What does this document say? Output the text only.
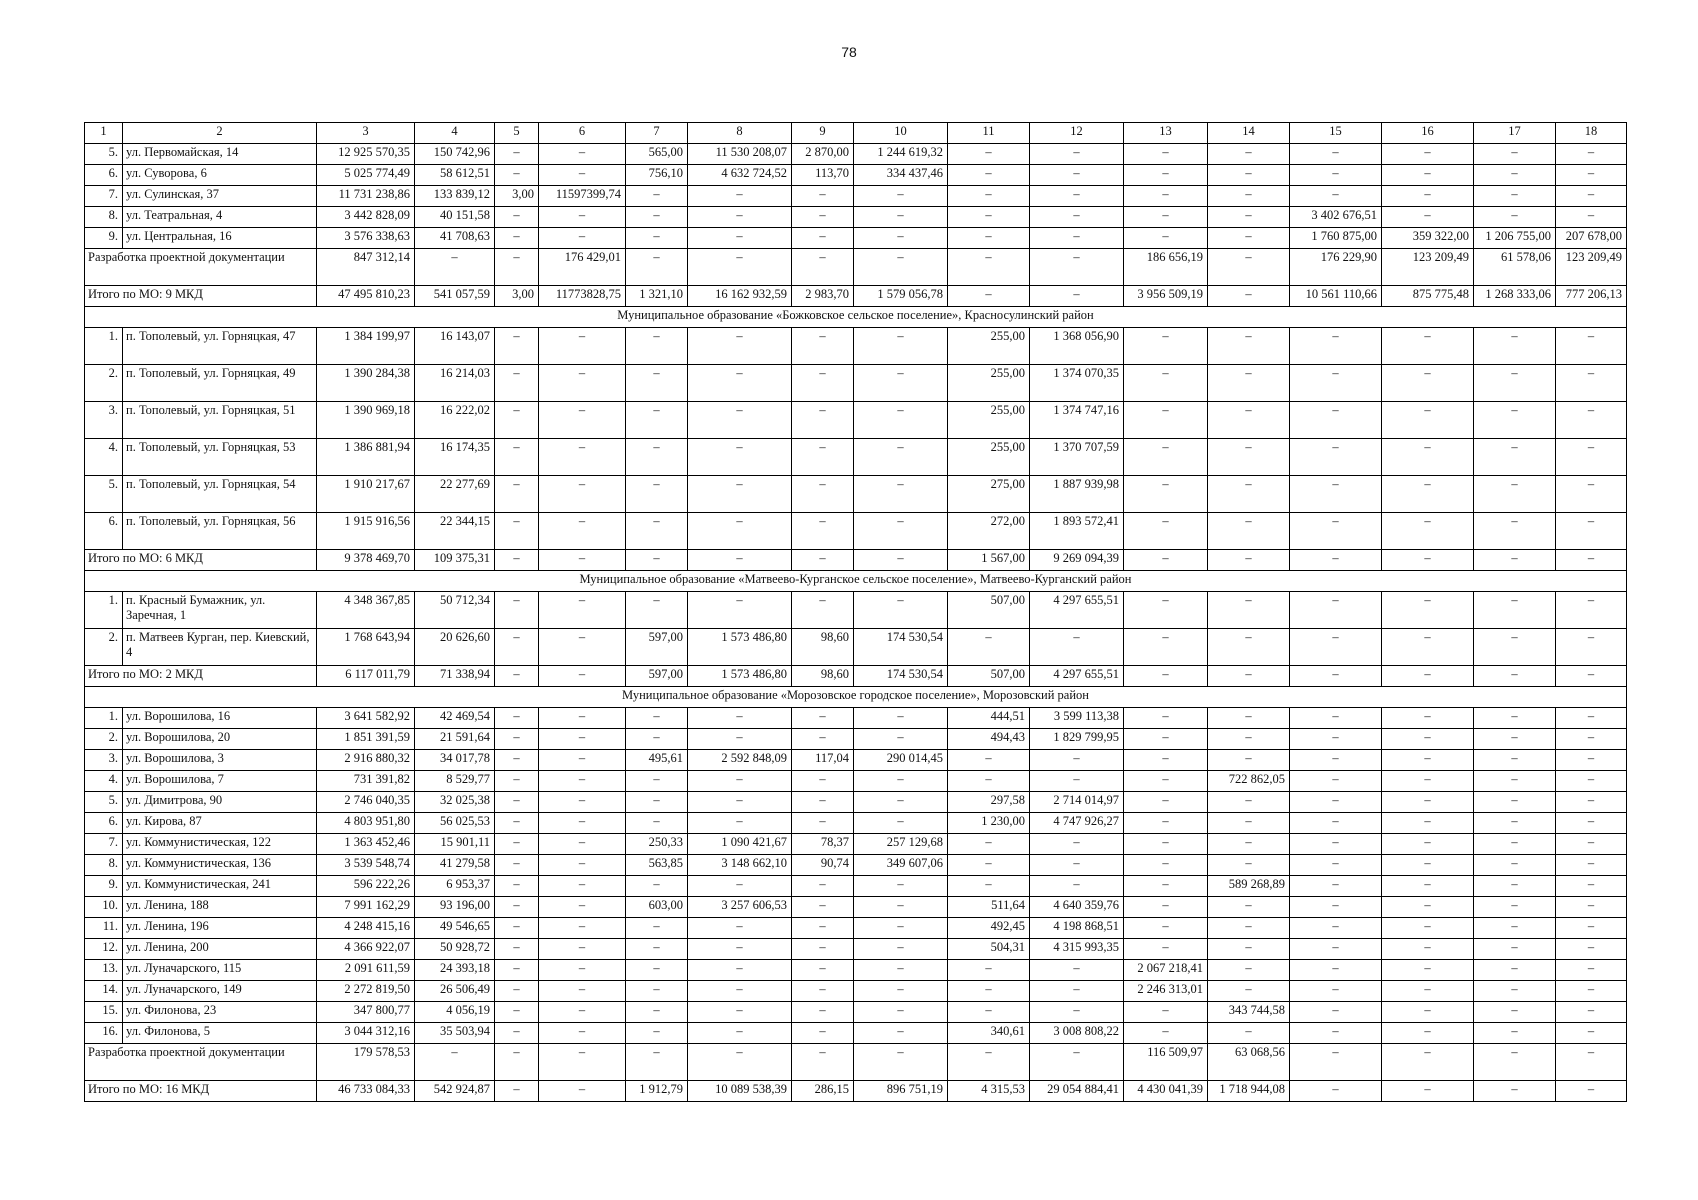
78
1	2	3	4	5	6	7	8	9	10	11	12	13	14	15	16	17	18
5.	ул. Первомайская, 14	12 925 570,35	150 742,96	–	–	565,00	11 530 208,07	2 870,00	1 244 619,32	–	–	–	–	–	–	–	–
6.	ул. Суворова, 6	5 025 774,49	58 612,51	–	–	756,10	4 632 724,52	113,70	334 437,46	–	–	–	–	–	–	–	–
7.	ул. Сулинская, 37	11 731 238,86	133 839,12	3,00	11597399,74	–	–	–	–	–	–	–	–	–	–	–	–
8.	ул. Театральная, 4	3 442 828,09	40 151,58	–	–	–	–	–	–	–	–	–	–	3 402 676,51	–	–	–
9.	ул. Центральная, 16	3 576 338,63	41 708,63	–	–	–	–	–	–	–	–	–	–	1 760 875,00	359 322,00	1 206 755,00	207 678,00
Разработка проектной документации		847 312,14	–	–	176 429,01	–	–	–	–	–	–	186 656,19	–	176 229,90	123 209,49	61 578,06	123 209,49
Итого по МО: 9 МКД		47 495 810,23	541 057,59	3,00	11773828,75	1 321,10	16 162 932,59	2 983,70	1 579 056,78	–	–	3 956 509,19	–	10 561 110,66	875 775,48	1 268 333,06	777 206,13
Муниципальное образование «Божковское сельское поселение», Красносулинский район																	
1.	п. Тополевый, ул. Горняцкая, 47	1 384 199,97	16 143,07	–	–	–	–	–	–	255,00	1 368 056,90	–	–	–	–	–	–
2.	п. Тополевый, ул. Горняцкая, 49	1 390 284,38	16 214,03	–	–	–	–	–	–	255,00	1 374 070,35	–	–	–	–	–	–
3.	п. Тополевый, ул. Горняцкая, 51	1 390 969,18	16 222,02	–	–	–	–	–	–	255,00	1 374 747,16	–	–	–	–	–	–
4.	п. Тополевый, ул. Горняцкая, 53	1 386 881,94	16 174,35	–	–	–	–	–	–	255,00	1 370 707,59	–	–	–	–	–	–
5.	п. Тополевый, ул. Горняцкая, 54	1 910 217,67	22 277,69	–	–	–	–	–	–	275,00	1 887 939,98	–	–	–	–	–	–
6.	п. Тополевый, ул. Горняцкая, 56	1 915 916,56	22 344,15	–	–	–	–	–	–	272,00	1 893 572,41	–	–	–	–	–	–
Итого по МО: 6 МКД		9 378 469,70	109 375,31	–	–	–	–	–	–	1 567,00	9 269 094,39	–	–	–	–	–	–
Муниципальное образование «Матвеево-Курганское сельское поселение», Матвеево-Курганский район																	
1.	п. Красный Бумажник, ул. Заречная, 1	4 348 367,85	50 712,34	–	–	–	–	–	–	507,00	4 297 655,51	–	–	–	–	–	–
2.	п. Матвеев Курган, пер. Киевский, 4	1 768 643,94	20 626,60	–	–	597,00	1 573 486,80	98,60	174 530,54	–	–	–	–	–	–	–	–
Итого по МО: 2 МКД		6 117 011,79	71 338,94	–	–	597,00	1 573 486,80	98,60	174 530,54	507,00	4 297 655,51	–	–	–	–	–	–
Муниципальное образование «Морозовское городское поселение», Морозовский район																	
1.	ул. Ворошилова, 16	3 641 582,92	42 469,54	–	–	–	–	–	–	444,51	3 599 113,38	–	–	–	–	–	–
2.	ул. Ворошилова, 20	1 851 391,59	21 591,64	–	–	–	–	–	–	494,43	1 829 799,95	–	–	–	–	–	–
3.	ул. Ворошилова, 3	2 916 880,32	34 017,78	–	–	495,61	2 592 848,09	117,04	290 014,45	–	–	–	–	–	–	–	–
4.	ул. Ворошилова, 7	731 391,82	8 529,77	–	–	–	–	–	–	–	–	–	722 862,05	–	–	–	–
5.	ул. Димитрова, 90	2 746 040,35	32 025,38	–	–	–	–	–	–	297,58	2 714 014,97	–	–	–	–	–	–
6.	ул. Кирова, 87	4 803 951,80	56 025,53	–	–	–	–	–	–	1 230,00	4 747 926,27	–	–	–	–	–	–
7.	ул. Коммунистическая, 122	1 363 452,46	15 901,11	–	–	250,33	1 090 421,67	78,37	257 129,68	–	–	–	–	–	–	–	–
8.	ул. Коммунистическая, 136	3 539 548,74	41 279,58	–	–	563,85	3 148 662,10	90,74	349 607,06	–	–	–	–	–	–	–	–
9.	ул. Коммунистическая, 241	596 222,26	6 953,37	–	–	–	–	–	–	–	–	–	589 268,89	–	–	–	–
10.	ул. Ленина, 188	7 991 162,29	93 196,00	–	–	603,00	3 257 606,53	–	–	511,64	4 640 359,76	–	–	–	–	–	–
11.	ул. Ленина, 196	4 248 415,16	49 546,65	–	–	–	–	–	–	492,45	4 198 868,51	–	–	–	–	–	–
12.	ул. Ленина, 200	4 366 922,07	50 928,72	–	–	–	–	–	–	504,31	4 315 993,35	–	–	–	–	–	–
13.	ул. Луначарского, 115	2 091 611,59	24 393,18	–	–	–	–	–	–	–	–	2 067 218,41	–	–	–	–	–
14.	ул. Луначарского, 149	2 272 819,50	26 506,49	–	–	–	–	–	–	–	–	2 246 313,01	–	–	–	–	–
15.	ул. Филонова, 23	347 800,77	4 056,19	–	–	–	–	–	–	–	–	–	343 744,58	–	–	–	–
16.	ул. Филонова, 5	3 044 312,16	35 503,94	–	–	–	–	–	–	340,61	3 008 808,22	–	–	–	–	–	–
Разработка проектной документации		179 578,53	–	–	–	–	–	–	–	–	–	116 509,97	63 068,56	–	–	–	–
Итого по МО: 16 МКД		46 733 084,33	542 924,87	–	–	1 912,79	10 089 538,39	286,15	896 751,19	4 315,53	29 054 884,41	4 430 041,39	1 718 944,08	–	–	–	–
